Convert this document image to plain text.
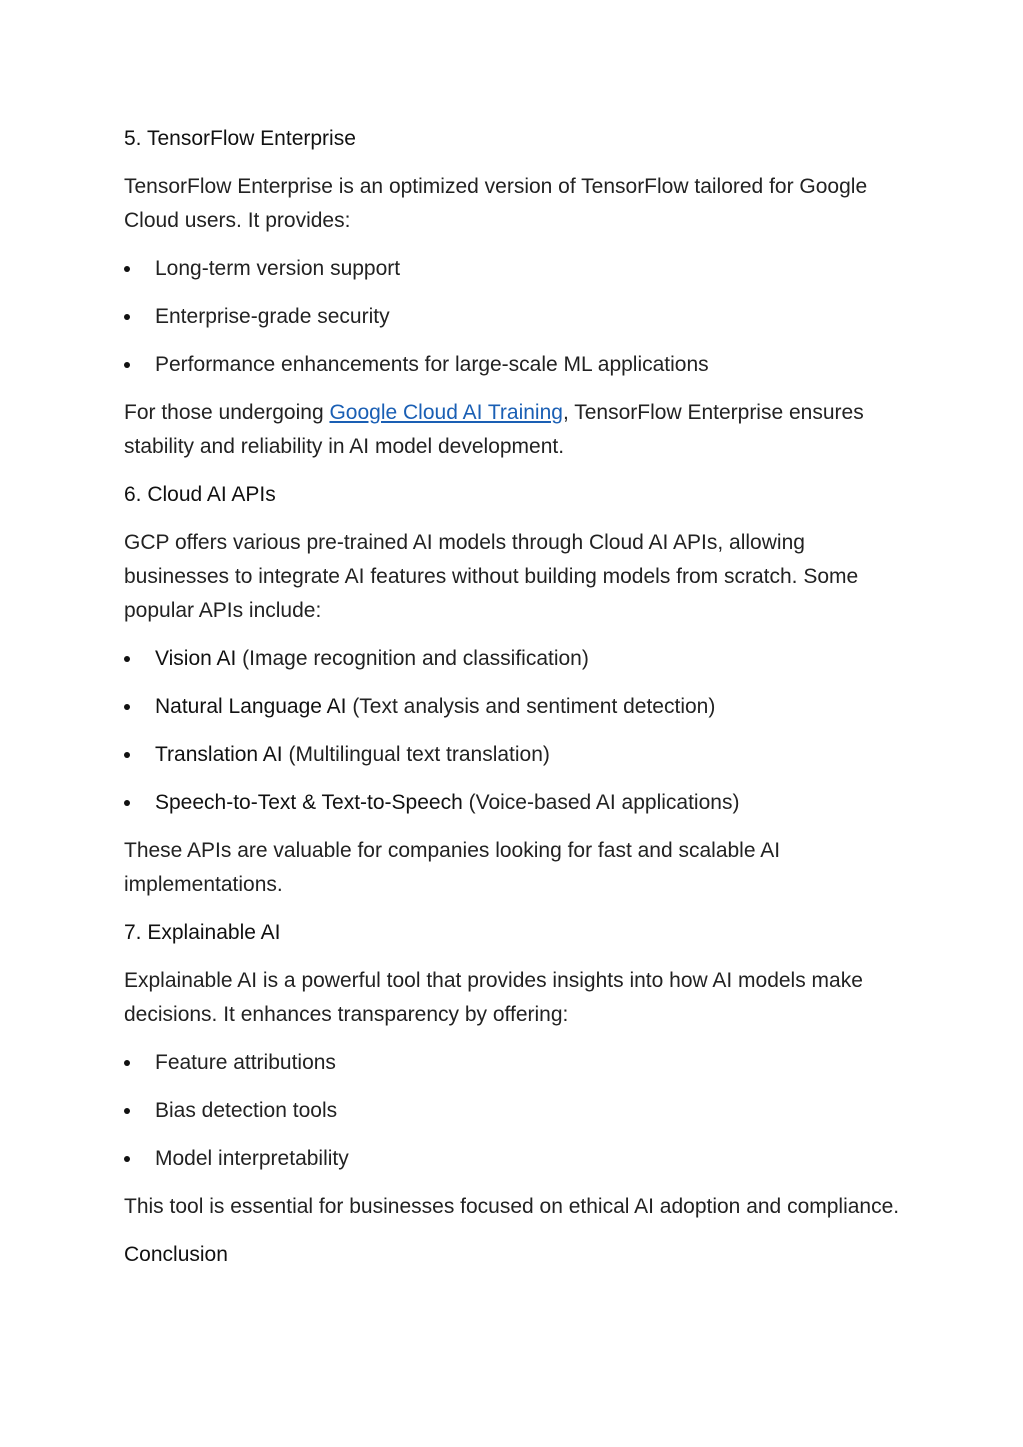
5. TensorFlow Enterprise

TensorFlow Enterprise is an optimized version of TensorFlow tailored for Google Cloud users. It provides:

Long-term version support
Enterprise-grade security
Performance enhancements for large-scale ML applications

For those undergoing Google Cloud AI Training, TensorFlow Enterprise ensures stability and reliability in AI model development.

6. Cloud AI APIs

GCP offers various pre-trained AI models through Cloud AI APIs, allowing businesses to integrate AI features without building models from scratch. Some popular APIs include:

Vision AI (Image recognition and classification)
Natural Language AI (Text analysis and sentiment detection)
Translation AI (Multilingual text translation)
Speech-to-Text & Text-to-Speech (Voice-based AI applications)

These APIs are valuable for companies looking for fast and scalable AI implementations.

7. Explainable AI

Explainable AI is a powerful tool that provides insights into how AI models make decisions. It enhances transparency by offering:

Feature attributions
Bias detection tools
Model interpretability

This tool is essential for businesses focused on ethical AI adoption and compliance.

Conclusion
